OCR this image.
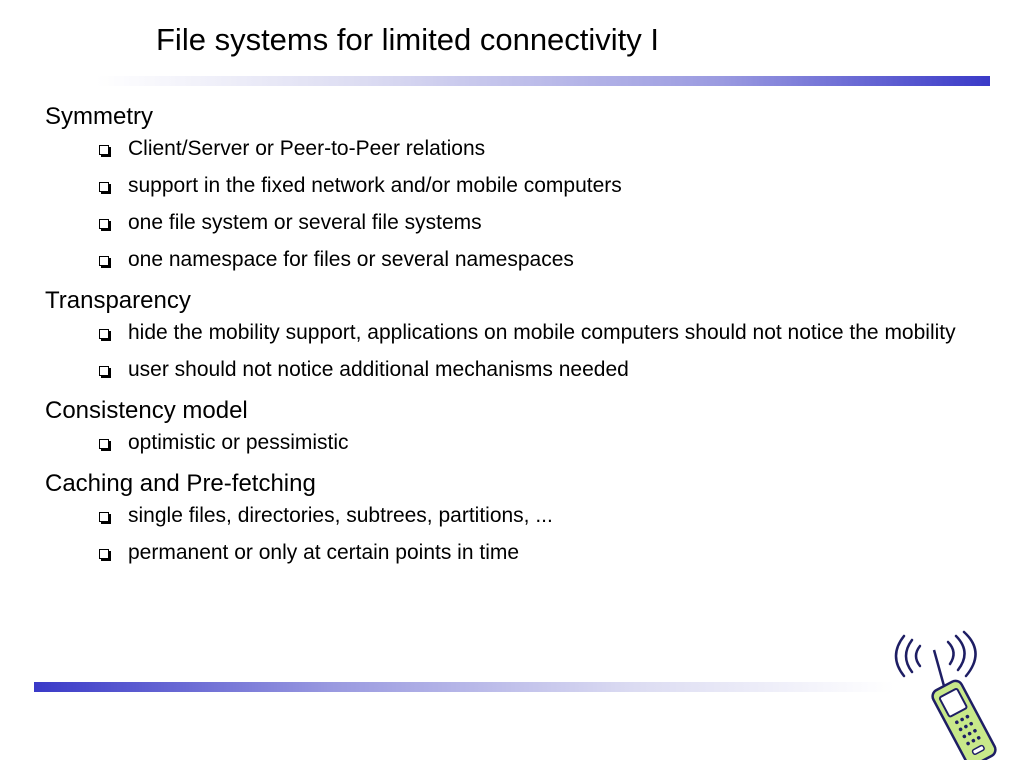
File systems for limited connectivity I
Symmetry
Client/Server or Peer-to-Peer relations
support in the fixed network and/or mobile computers
one file system or several file systems
one namespace for files or several namespaces
Transparency
hide the mobility support, applications on mobile computers should not notice the mobility
user should not notice additional mechanisms needed
Consistency model
optimistic or pessimistic
Caching and Pre-fetching
single files, directories, subtrees, partitions, ...
permanent or only at certain points in time
